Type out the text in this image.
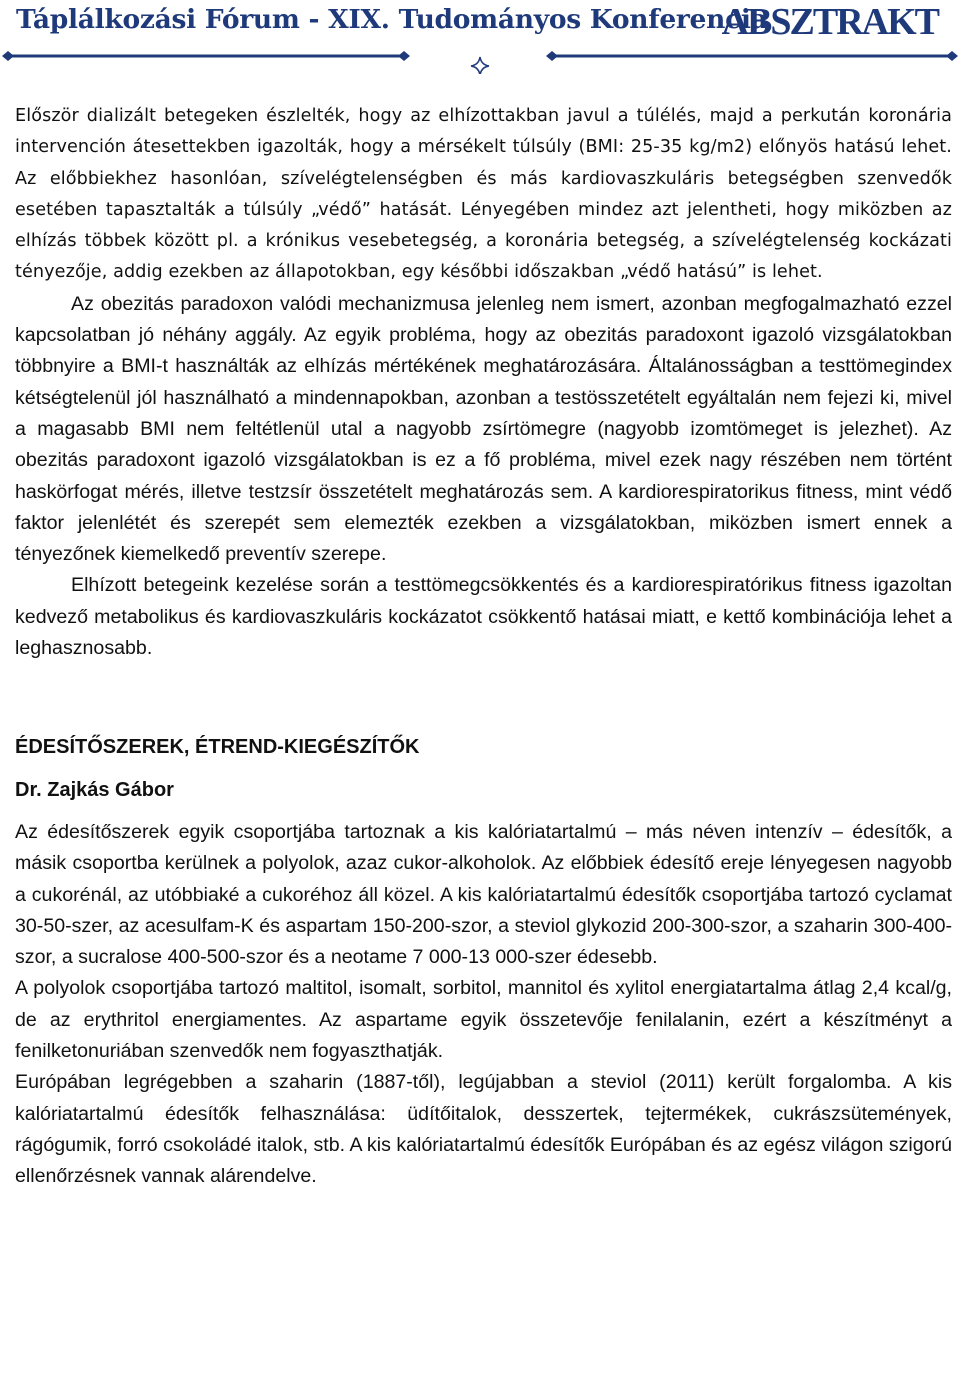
Táplálkozási Fórum - XIX. Tudományos Konferencia
ABSZTRAKT

Először dializált betegeken észlelték, hogy az elhízottakban javul a túlélés, majd a perkután koronária intervención átesettekben igazolták, hogy a mérsékelt túlsúly (BMI: 25-35 kg/m2) előnyös hatású lehet. Az előbbiekhez hasonlóan, szívelégtelenségben és más kardiovaszkuláris betegségben szenvedők esetében tapasztalták a túlsúly „védő” hatását. Lényegében mindez azt jelentheti, hogy miközben az elhízás többek között pl. a krónikus vesebetegség, a koronária betegség, a szívelégtelenség kockázati tényezője, addig ezekben az állapotokban, egy későbbi időszakban „védő hatású” is lehet.

Az obezitás paradoxon valódi mechanizmusa jelenleg nem ismert, azonban megfogalmazható ezzel kapcsolatban jó néhány aggály. Az egyik probléma, hogy az obezitás paradoxont igazoló vizsgálatokban többnyire a BMI-t használták az elhízás mértékének meghatározására. Általánosságban a testtömegindex kétségtelenül jól használható a mindennapokban, azonban a testösszetételt egyáltalán nem fejezi ki, mivel a magasabb BMI nem feltétlenül utal a nagyobb zsírtömegre (nagyobb izomtömeget is jelezhet). Az obezitás paradoxont igazoló vizsgálatokban is ez a fő probléma, mivel ezek nagy részében nem történt haskörfogat mérés, illetve testzsír összetételt meghatározás sem. A kardiorespiratorikus fitness, mint védő faktor jelenlétét és szerepét sem elemezték ezekben a vizsgálatokban, miközben ismert ennek a tényezőnek kiemelkedő preventív szerepe.

Elhízott betegeink kezelése során a testtömegcsökkentés és a kardiorespiratórikus fitness igazoltan kedvező metabolikus és kardiovaszkuláris kockázatot csökkentő hatásai miatt, e kettő kombinációja lehet a leghasznosabb.

ÉDESÍTŐSZEREK, ÉTREND-KIEGÉSZÍTŐK

Dr. Zajkás Gábor

Az édesítőszerek egyik csoportjába tartoznak a kis kalóriatartalmú – más néven intenzív – édesítők, a másik csoportba kerülnek a polyolok, azaz cukor-alkoholok. Az előbbiek édesítő ereje lényegesen nagyobb a cukorénál, az utóbbiaké a cukoréhoz áll közel. A kis kalóriatartalmú édesítők csoportjába tartozó cyclamat 30-50-szer, az acesulfam-K és aspartam 150-200-szor, a steviol glykozid 200-300-szor, a szaharin 300-400-szor, a sucralose 400-500-szor és a neotame 7 000-13 000-szer édesebb.

A polyolok csoportjába tartozó maltitol, isomalt, sorbitol, mannitol és xylitol energiatartalma átlag 2,4 kcal/g, de az erythritol energiamentes. Az aspartame egyik összetevője fenilalanin, ezért a készítményt a fenilketonuriában szenvedők nem fogyaszthatják.

Európában legrégebben a szaharin (1887-től), legújabban a steviol (2011) került forgalomba. A kis kalóriatartalmú édesítők felhasználása: üdítőitalok, desszertek, tejtermékek, cukrászsütemények, rágógumik, forró csokoládé italok, stb. A kis kalóriatartalmú édesítők Európában és az egész világon szigorú ellenőrzésnek vannak alárendelve.
